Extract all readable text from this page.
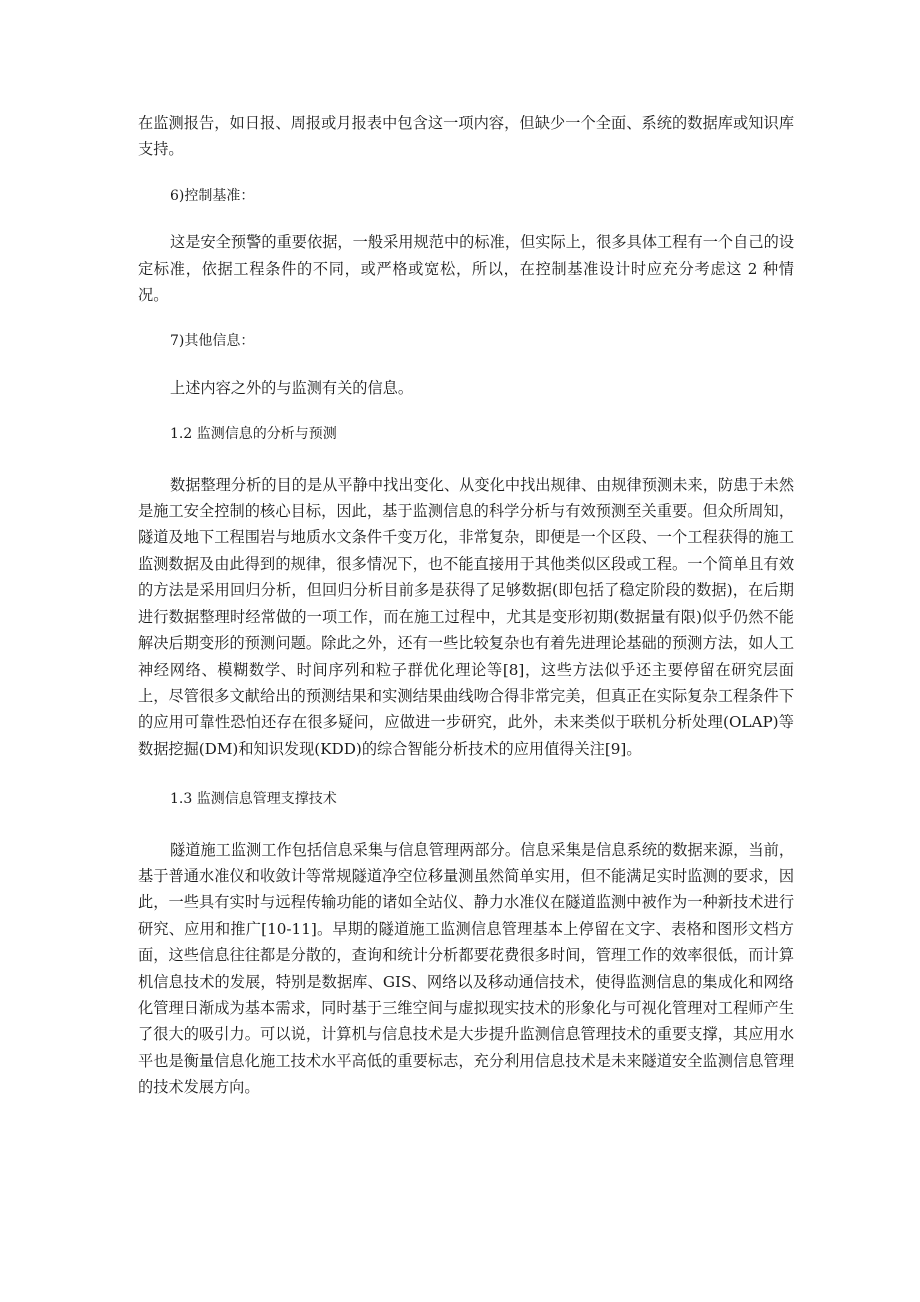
在监测报告，如日报、周报或月报表中包含这一项内容，但缺少一个全面、系统的数据库或知识库支持。

6)控制基准：

这是安全预警的重要依据，一般采用规范中的标准，但实际上，很多具体工程有一个自己的设定标准，依据工程条件的不同，或严格或宽松，所以，在控制基准设计时应充分考虑这 2 种情况。

7)其他信息：

上述内容之外的与监测有关的信息。

1.2 监测信息的分析与预测

数据整理分析的目的是从平静中找出变化、从变化中找出规律、由规律预测未来，防患于未然是施工安全控制的核心目标，因此，基于监测信息的科学分析与有效预测至关重要。但众所周知，隧道及地下工程围岩与地质水文条件千变万化，非常复杂，即便是一个区段、一个工程获得的施工监测数据及由此得到的规律，很多情况下，也不能直接用于其他类似区段或工程。一个简单且有效的方法是采用回归分析，但回归分析目前多是获得了足够数据(即包括了稳定阶段的数据)，在后期进行数据整理时经常做的一项工作，而在施工过程中，尤其是变形初期(数据量有限)似乎仍然不能解决后期变形的预测问题。除此之外，还有一些比较复杂也有着先进理论基础的预测方法，如人工神经网络、模糊数学、时间序列和粒子群优化理论等[8]，这些方法似乎还主要停留在研究层面上，尽管很多文献给出的预测结果和实测结果曲线吻合得非常完美，但真正在实际复杂工程条件下的应用可靠性恐怕还存在很多疑问，应做进一步研究，此外，未来类似于联机分析处理(OLAP)等数据挖掘(DM)和知识发现(KDD)的综合智能分析技术的应用值得关注[9]。

1.3 监测信息管理支撑技术

隧道施工监测工作包括信息采集与信息管理两部分。信息采集是信息系统的数据来源，当前，基于普通水准仪和收敛计等常规隧道净空位移量测虽然简单实用，但不能满足实时监测的要求，因此，一些具有实时与远程传输功能的诸如全站仪、静力水准仪在隧道监测中被作为一种新技术进行研究、应用和推广[10-11]。早期的隧道施工监测信息管理基本上停留在文字、表格和图形文档方面，这些信息往往都是分散的，查询和统计分析都要花费很多时间，管理工作的效率很低，而计算机信息技术的发展，特别是数据库、GIS、网络以及移动通信技术，使得监测信息的集成化和网络化管理日渐成为基本需求，同时基于三维空间与虚拟现实技术的形象化与可视化管理对工程师产生了很大的吸引力。可以说，计算机与信息技术是大步提升监测信息管理技术的重要支撑，其应用水平也是衡量信息化施工技术水平高低的重要标志，充分利用信息技术是未来隧道安全监测信息管理的技术发展方向。
